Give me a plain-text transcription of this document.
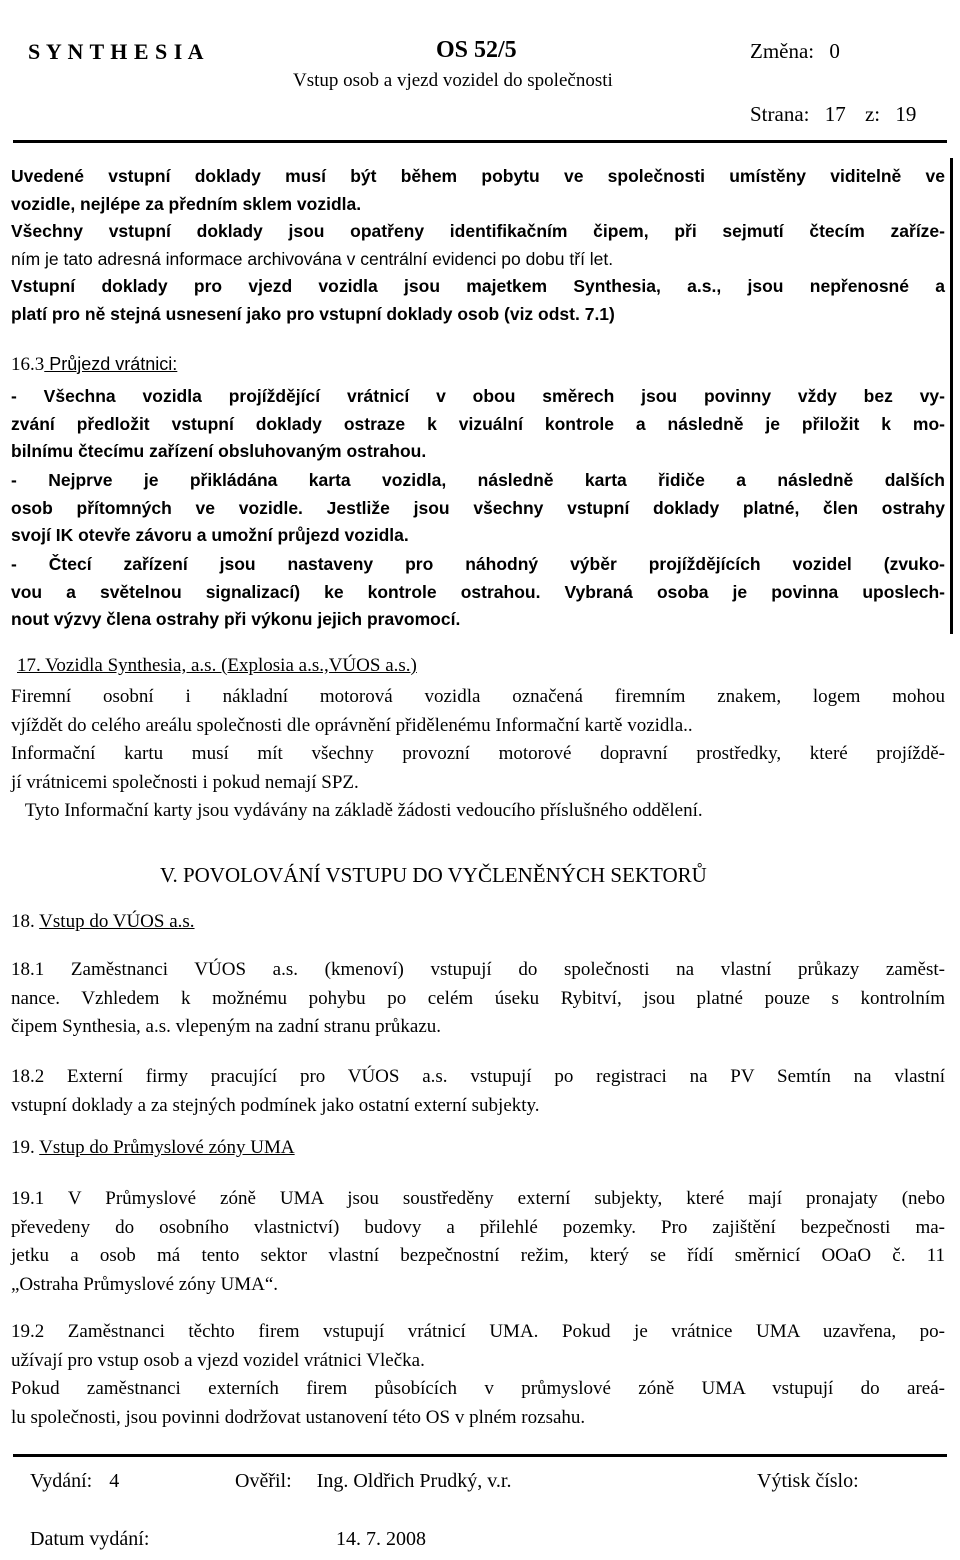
S Y N T H E S I A	OS 52/5
Vstup osob a vjezd vozidel do společnosti
Změna: 0
Strana: 17 z: 19
Uvedené vstupní doklady musí být během pobytu ve společnosti umístěny viditelně ve
vozidle, nejlépe za předním sklem vozidla.
Všechny vstupní doklady jsou opatřeny identifikačním čipem, při sejmutí čtecím zaříze-
ním je tato adresná informace archivována v centrální evidenci po dobu tří let.
Vstupní doklady pro vjezd vozidla jsou majetkem Synthesia, a.s., jsou nepřenosné a
platí pro ně stejná usnesení jako pro vstupní doklady osob (viz odst. 7.1)
16.3 Průjezd vrátnici:
- Všechna vozidla projíždějící vrátnicí v obou směrech jsou povinny vždy bez vy-
zvání předložit vstupní doklady ostraze k vizuální kontrole a následně je přiložit k mo-
bilnímu čtecímu zařízení obsluhovaným ostrahou.
- Nejprve je přikládána karta vozidla, následně karta řidiče a následně dalších
osob přítomných ve vozidle. Jestliže jsou všechny vstupní doklady platné, člen ostrahy
svojí IK otevře závoru a umožní průjezd vozidla.
- Čtecí zařízení jsou nastaveny pro náhodný výběr projíždějících vozidel (zvuko-
vou a světelnou signalizací) ke kontrole ostrahou. Vybraná osoba je povinna uposlech-
nout výzvy člena ostrahy při výkonu jejich pravomocí.
17. Vozidla Synthesia, a.s. (Explosia a.s.,VÚOS a.s.)
Firemní osobní i nákladní motorová vozidla označená firemním znakem, logem mohou
vjíždět do celého areálu společnosti dle oprávnění přidělenému Informační kartě vozidla..
Informační kartu musí mít všechny provozní motorové dopravní prostředky, které projíždě-
jí vrátnicemi společnosti i pokud nemají SPZ.
Tyto Informační karty jsou vydávány na základě žádosti vedoucího příslušného oddělení.
V. POVOLOVÁNÍ VSTUPU DO VYČLENĚNÝCH SEKTORŮ
18. Vstup do VÚOS a.s.
18.1 Zaměstnanci VÚOS a.s. (kmenoví) vstupují do společnosti na vlastní průkazy zaměst-
nance. Vzhledem k možnému pohybu po celém úseku Rybitví, jsou platné pouze s kontrolním
čipem Synthesia, a.s. vlepeným na zadní stranu průkazu.
18.2 Externí firmy pracující pro VÚOS a.s. vstupují po registraci na PV Semtín na vlastní
vstupní doklady a za stejných podmínek jako ostatní externí subjekty.
19. Vstup do Průmyslové zóny UMA
19.1 V Průmyslové zóně UMA jsou soustředěny externí subjekty, které mají pronajaty (nebo
převedeny do osobního vlastnictví) budovy a přilehlé pozemky. Pro zajištění bezpečnosti ma-
jetku a osob má tento sektor vlastní bezpečnostní režim, který se řídí směrnicí OOaO č. 11
„Ostraha Průmyslové zóny UMA“.
19.2 Zaměstnanci těchto firem vstupují vrátnicí UMA. Pokud je vrátnice UMA uzavřena, po-
užívají pro vstup osob a vjezd vozidel vrátnici Vlečka.
Pokud zaměstnanci externích firem působících v průmyslové zóně UMA vstupují do areá-
lu společnosti, jsou povinni dodržovat ustanovení této OS v plném rozsahu.
Vydání: 4	Ověřil: Ing. Oldřich Prudký, v.r.	Výtisk číslo:
Datum vydání:	14. 7. 2008
